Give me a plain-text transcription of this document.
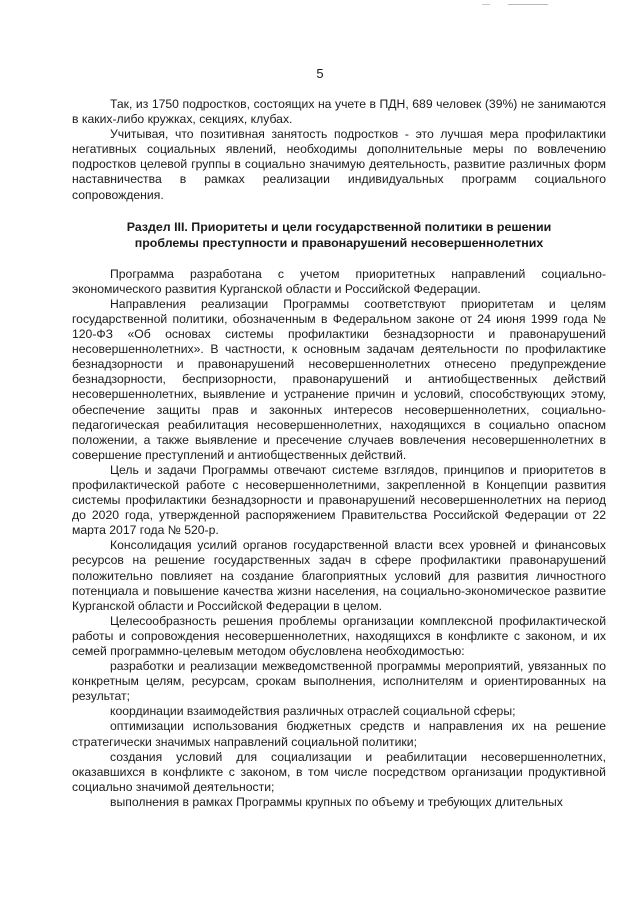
5

Так, из 1750 подростков, состоящих на учете в ПДН, 689 человек (39%) не занимаются в каких-либо кружках, секциях, клубах.

Учитывая, что позитивная занятость подростков - это лучшая мера профилактики негативных социальных явлений, необходимы дополнительные меры по вовлечению подростков целевой группы в социально значимую деятельность, развитие различных форм наставничества в рамках реализации индивидуальных программ социального сопровождения.

Раздел III. Приоритеты и цели государственной политики в решении проблемы преступности и правонарушений несовершеннолетних

Программа разработана с учетом приоритетных направлений социально-экономического развития Курганской области и Российской Федерации.

Направления реализации Программы соответствуют приоритетам и целям государственной политики, обозначенным в Федеральном законе от 24 июня 1999 года № 120-ФЗ «Об основах системы профилактики безнадзорности и правонарушений несовершеннолетних». В частности, к основным задачам деятельности по профилактике безнадзорности и правонарушений несовершеннолетних отнесено предупреждение безнадзорности, беспризорности, правонарушений и антиобщественных действий несовершеннолетних, выявление и устранение причин и условий, способствующих этому, обеспечение защиты прав и законных интересов несовершеннолетних, социально-педагогическая реабилитация несовершеннолетних, находящихся в социально опасном положении, а также выявление и пресечение случаев вовлечения несовершеннолетних в совершение преступлений и антиобщественных действий.

Цель и задачи Программы отвечают системе взглядов, принципов и приоритетов в профилактической работе с несовершеннолетними, закрепленной в Концепции развития системы профилактики безнадзорности и правонарушений несовершеннолетних на период до 2020 года, утвержденной распоряжением Правительства Российской Федерации от 22 марта 2017 года № 520-р.

Консолидация усилий органов государственной власти всех уровней и финансовых ресурсов на решение государственных задач в сфере профилактики правонарушений положительно повлияет на создание благоприятных условий для развития личностного потенциала и повышение качества жизни населения, на социально-экономическое развитие Курганской области и Российской Федерации в целом.

Целесообразность решения проблемы организации комплексной профилактической работы и сопровождения несовершеннолетних, находящихся в конфликте с законом, и их семей программно-целевым методом обусловлена необходимостью:

разработки и реализации межведомственной программы мероприятий, увязанных по конкретным целям, ресурсам, срокам выполнения, исполнителям и ориентированных на результат;

координации взаимодействия различных отраслей социальной сферы;

оптимизации использования бюджетных средств и направления их на решение стратегически значимых направлений социальной политики;

создания условий для социализации и реабилитации несовершеннолетних, оказавшихся в конфликте с законом, в том числе посредством организации продуктивной социально значимой деятельности;

выполнения в рамках Программы крупных по объему и требующих длительных
